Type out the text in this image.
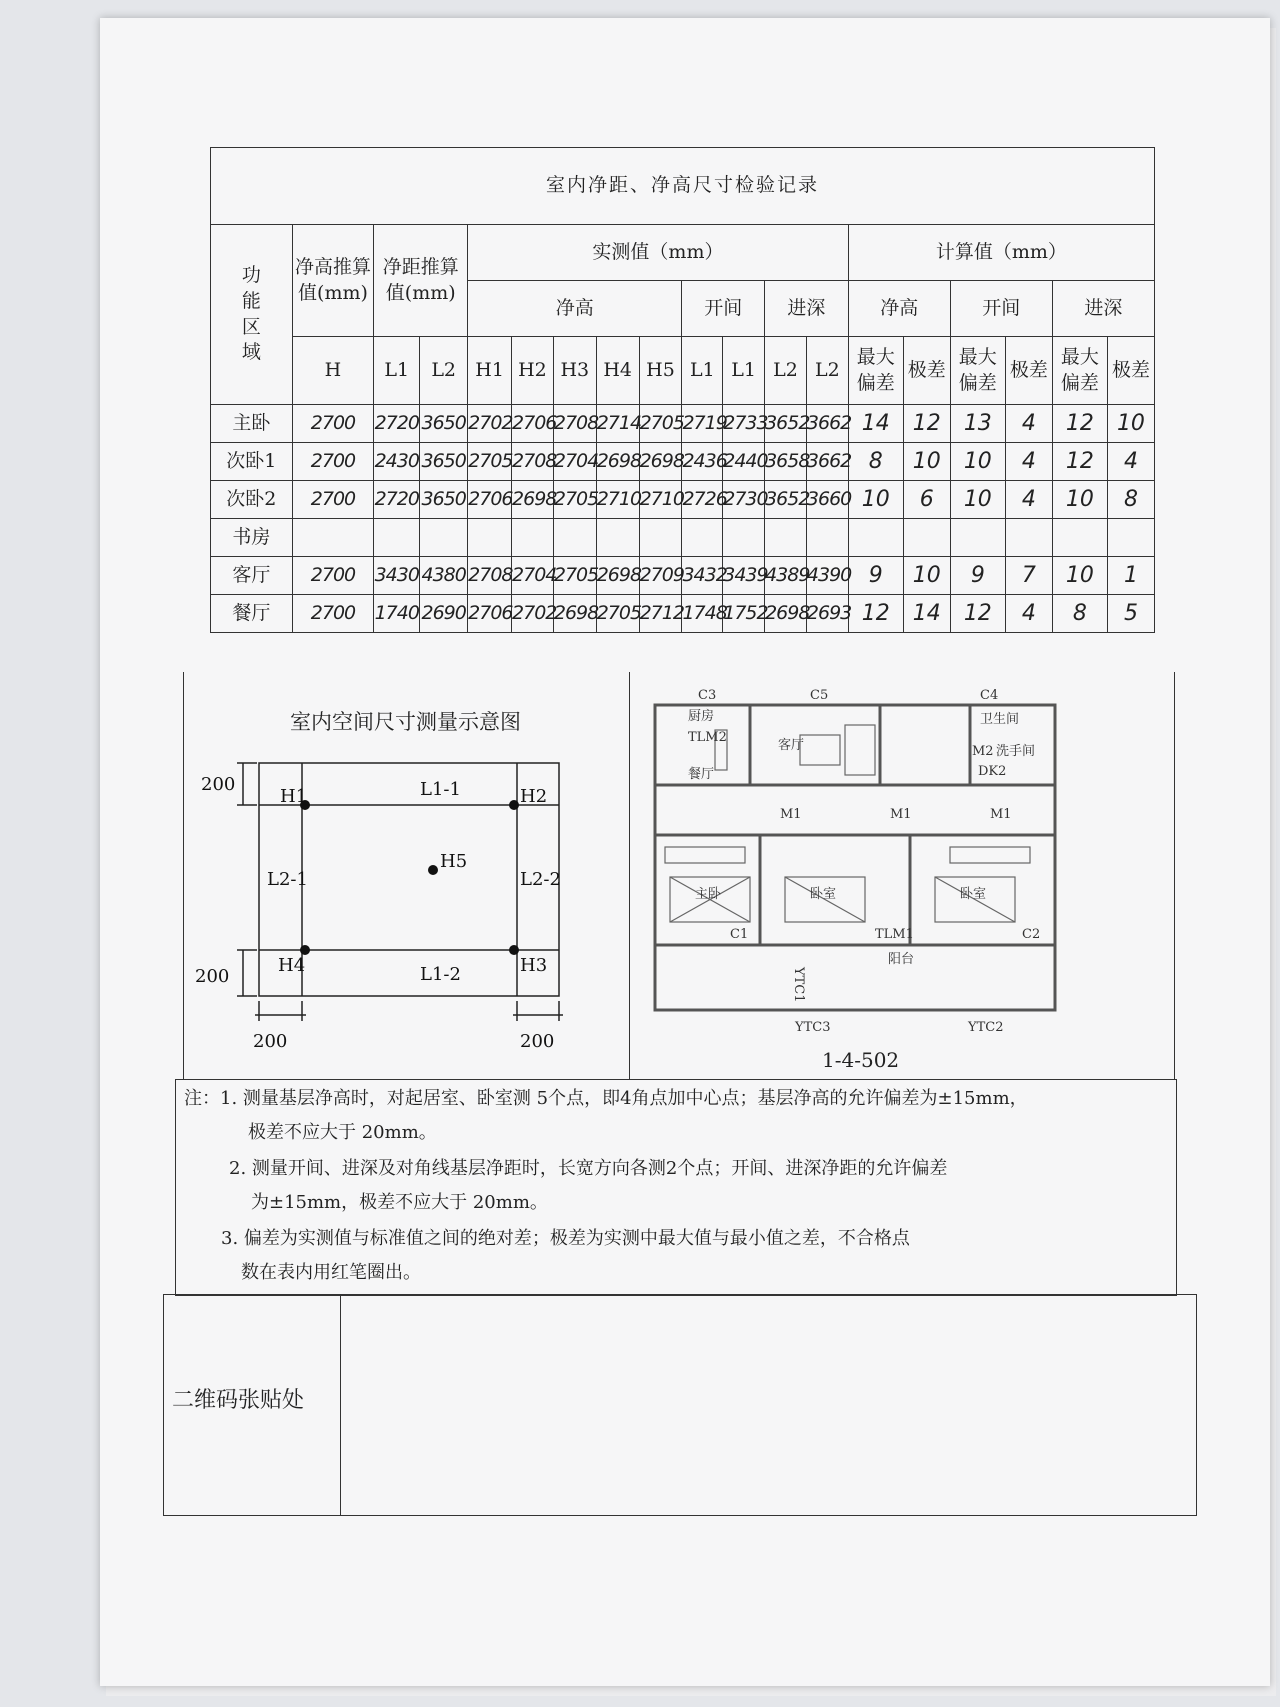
室内净距、净高尺寸检验记录																		
功能区域	净高推算值(mm)	净距推算值(mm)		实测值（mm）									计算值（mm）					
				净高					开间		进深		净高		开间		进深	
	H	L1	L2	H1	H2	H3	H4	H5	L1	L1	L2	L2	最大偏差	极差	最大偏差	极差	最大偏差	极差
主卧	2700	2720	3650	2702	2706	2708	2714	2705	2719	2733	3652	3662	14	12	13	4	12	10
次卧1	2700	2430	3650	2705	2708	2704	2698	2698	2436	2440	3658	3662	8	10	10	4	12	4
次卧2	2700	2720	3650	2706	2698	2705	2710	2710	2726	2730	3652	3660	10	6	10	4	10	8
书房																		
客厅	2700	3430	4380	2708	2704	2705	2698	2709	3432	3439	4389	4390	9	10	9	7	10	1
餐厅	2700	1740	2690	2706	2702	2698	2705	2712	1748	1752	2698	2693	12	14	12	4	8	5
室内空间尺寸测量示意图
200
200
200	200
H1	H2
H4	H3
H5
L1-1
L1-2
L2-1	L2-2
C3	C5	C4
厨房
TLM2
客厅
餐厅
卫生间
M2 洗手间
DK2
M1	M1	M1
主卧	卧室	卧室
C1	TLM1	C2
阳台
YTC3	YTC2
YTC1
1-4-502
注：1. 测量基层净高时，对起居室、卧室测 5个点，即4角点加中心点；基层净高的允许偏差为±15mm，
极差不应大于 20mm。
2. 测量开间、进深及对角线基层净距时，长宽方向各测2个点；开间、进深净距的允许偏差
为±15mm，极差不应大于 20mm。
3. 偏差为实测值与标准值之间的绝对差；极差为实测中最大值与最小值之差，不合格点
数在表内用红笔圈出。
二维码张贴处
